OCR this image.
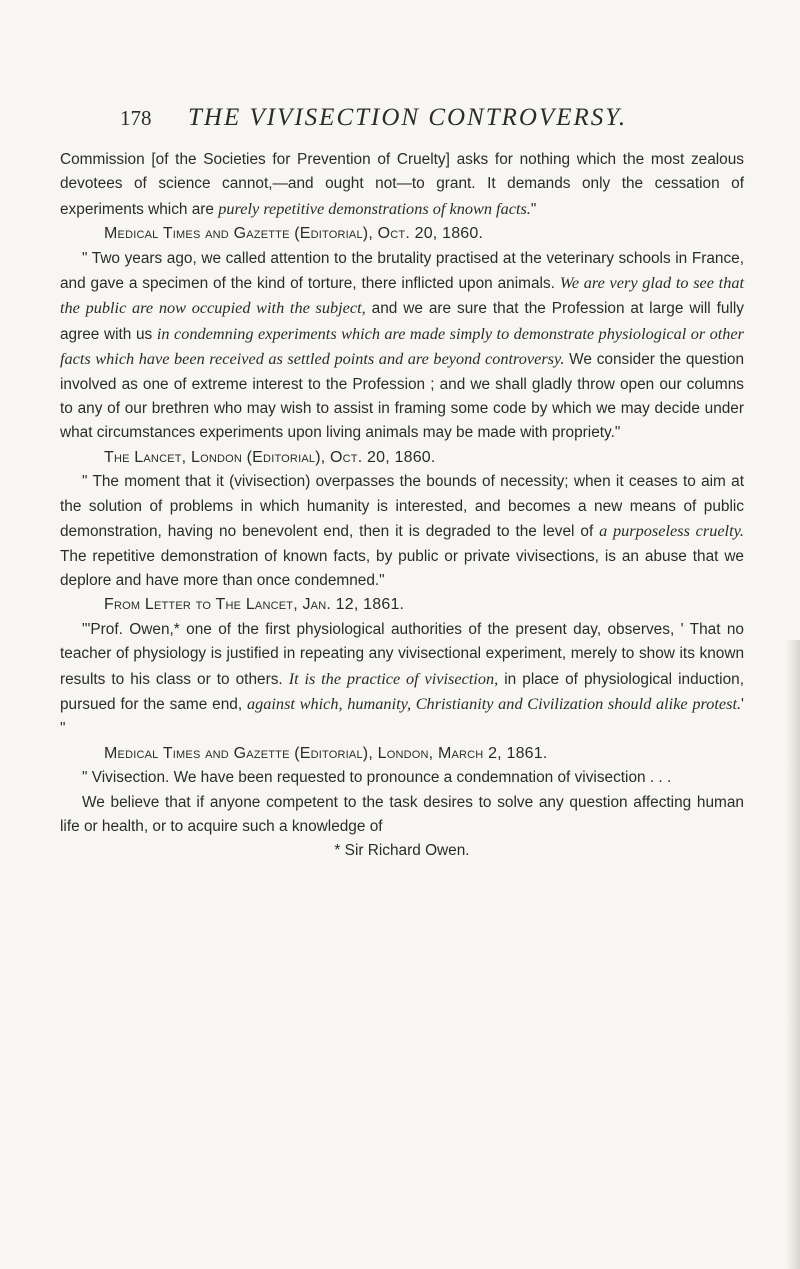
178	THE VIVISECTION CONTROVERSY.

Commission [of the Societies for Prevention of Cruelty] asks for nothing which the most zealous devotees of science cannot,—and ought not—to grant. It demands only the cessation of experiments which are purely repetitive demonstrations of known facts."

Medical Times and Gazette (Editorial), Oct. 20, 1860.

" Two years ago, we called attention to the brutality practised at the veterinary schools in France, and gave a specimen of the kind of torture, there inflicted upon animals. We are very glad to see that the public are now occupied with the subject, and we are sure that the Profession at large will fully agree with us in condemning experiments which are made simply to demonstrate physiological or other facts which have been received as settled points and are beyond controversy. We consider the question involved as one of extreme interest to the Profession ; and we shall gladly throw open our columns to any of our brethren who may wish to assist in framing some code by which we may decide under what circumstances experiments upon living animals may be made with propriety."

The Lancet, London (Editorial), Oct. 20, 1860.

" The moment that it (vivisection) overpasses the bounds of necessity; when it ceases to aim at the solution of problems in which humanity is interested, and becomes a new means of public demonstration, having no benevolent end, then it is degraded to the level of a purposeless cruelty. The repetitive demonstration of known facts, by public or private vivisections, is an abuse that we deplore and have more than once condemned."

From Letter to The Lancet, Jan. 12, 1861.

"'Prof. Owen,* one of the first physiological authorities of the present day, observes, ' That no teacher of physiology is justified in repeating any vivisectional experiment, merely to show its known results to his class or to others. It is the practice of vivisection, in place of physiological induction, pursued for the same end, against which, humanity, Christianity and Civilization should alike protest.' "

Medical Times and Gazette (Editorial), London, March 2, 1861.

" Vivisection. We have been requested to pronounce a condemnation of vivisection . . .

We believe that if anyone competent to the task desires to solve any question affecting human life or health, or to acquire such a knowledge of

* Sir Richard Owen.
